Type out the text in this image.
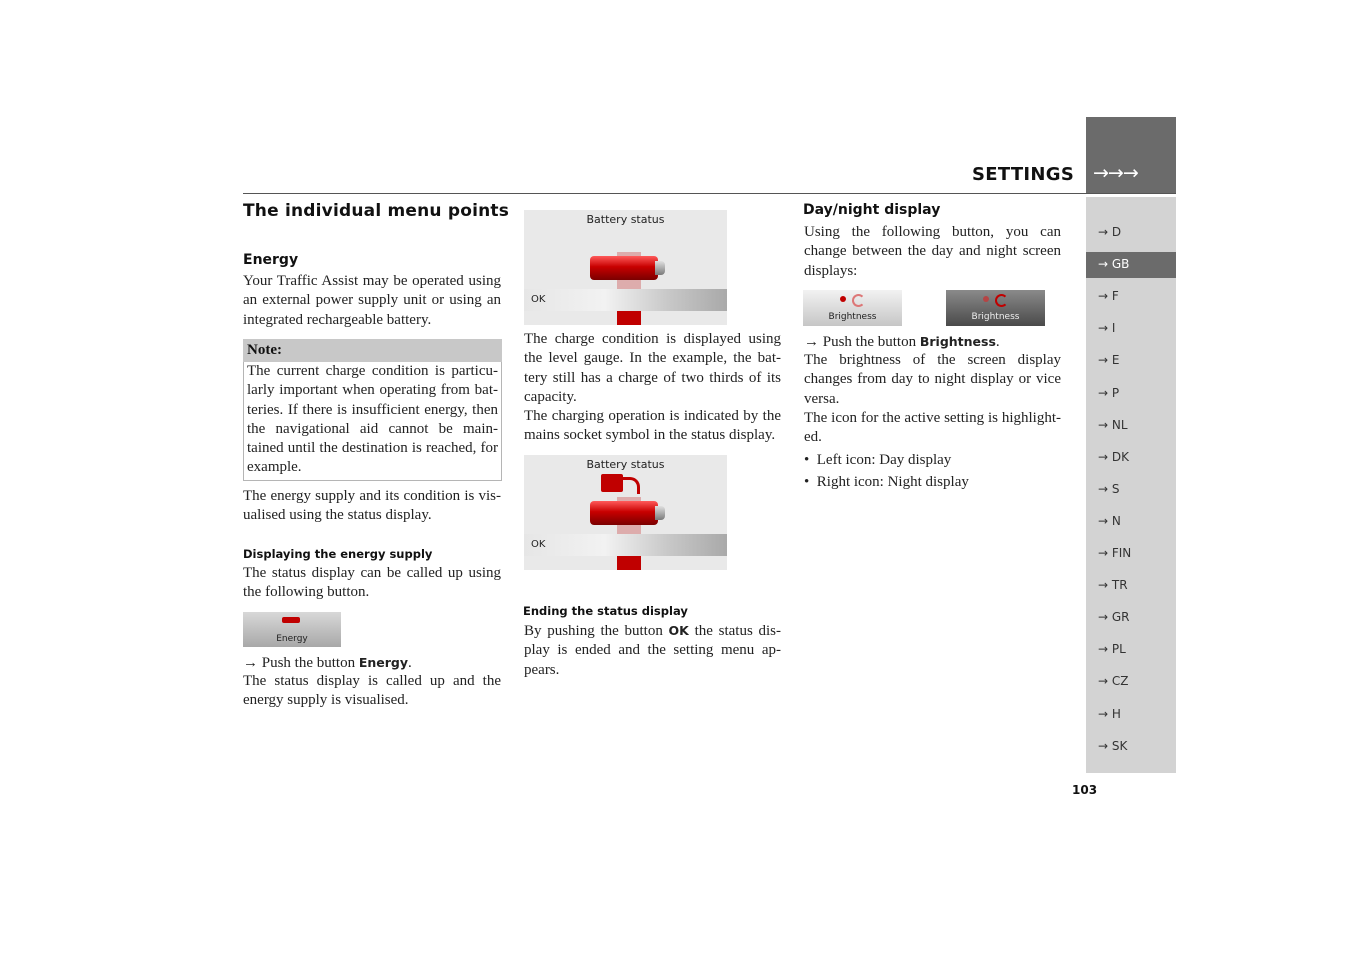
→→→
SETTINGS
→ D
→ GB
→ F
→ I
→ E
→ P
→ NL
→ DK
→ S
→ N
→ FIN
→ TR
→ GR
→ PL
→ CZ
→ H
→ SK
103
The individual menu points
Energy
Your Traffic Assist may be operated using an external power supply unit or using an integrated rechargeable battery.
Note:
The current charge condition is particu-larly important when operating from bat-teries. If there is insufficient energy, then the navigational aid cannot be main-tained until the destination is reached, for example.
The energy supply and its condition is vis-ualised using the status display.
Displaying the energy supply
The status display can be called up using the following button.
Energy
→ Push the button Energy.
The status display is called up and the energy supply is visualised.
Battery status
OK
The charge condition is displayed using the level gauge. In the example, the bat-tery still has a charge of two thirds of its capacity.
The charging operation is indicated by the mains socket symbol in the status display.
Battery status
OK
Ending the status display
By pushing the button OK the status dis-play is ended and the setting menu ap-pears.
Day/night display
Using the following button, you can change between the day and night screen displays:
Brightness	Brightness
→ Push the button Brightness.
The brightness of the screen display changes from day to night display or vice versa.
The icon for the active setting is highlight-ed.
•  Left icon: Day display
•  Right icon: Night display
